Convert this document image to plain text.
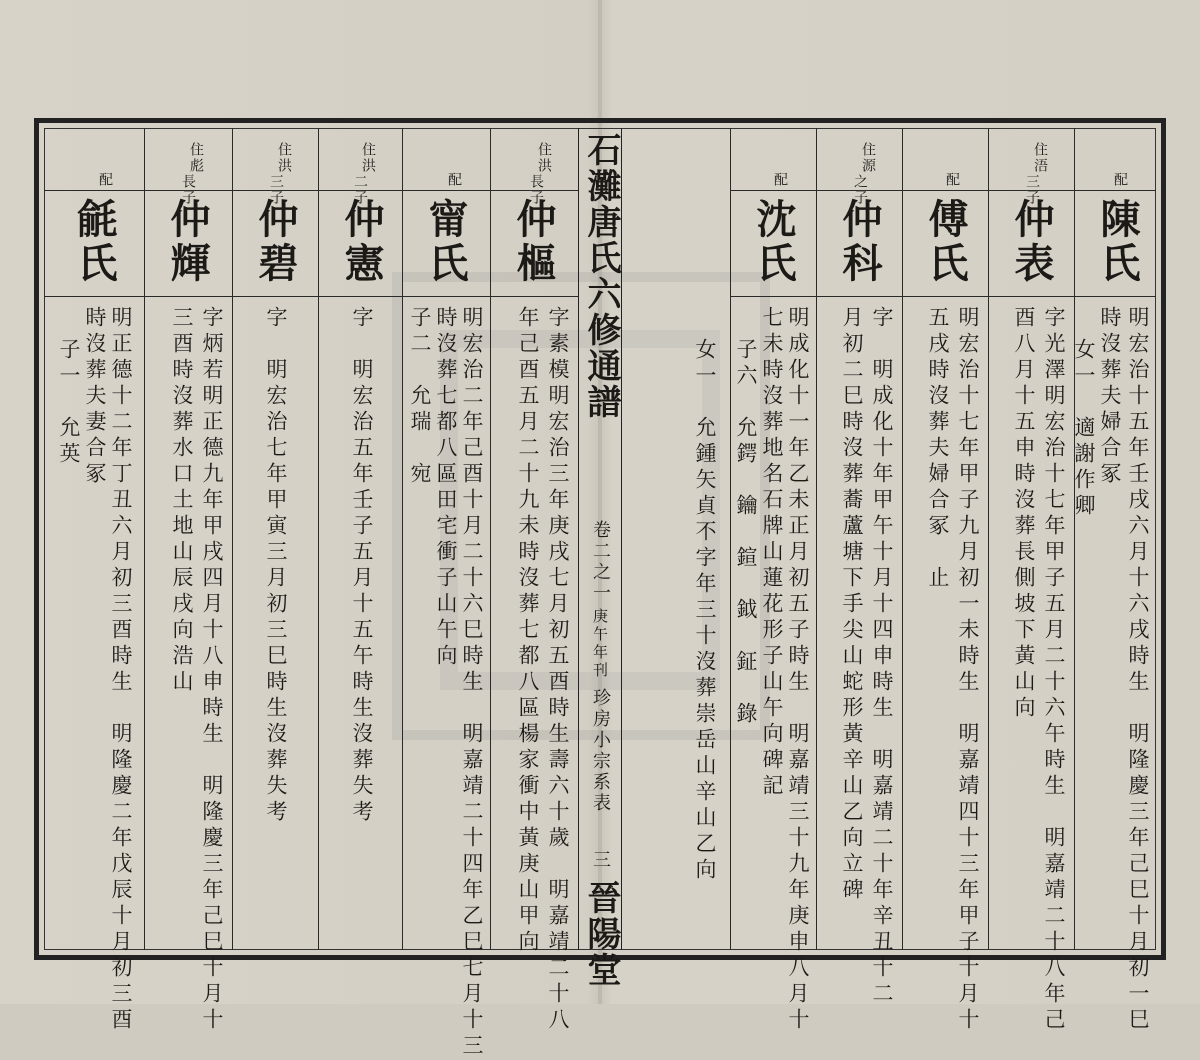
石灘唐氏六修通譜
卷二之一
庚午年刊
珍房小宗系表
三
晉陽堂
配
陳氏
明宏治十五年壬戌六月十六戌時生　明隆慶三年己巳十月初一巳
時沒葬夫婦合冢
女一　適謝作卿
住浯
三子
仲表
字光澤明宏治十七年甲子五月二十六午時生　明嘉靖二十八年己
酉八月十五申時沒葬長側坡下黃山向
配
傅氏
明宏治十七年甲子九月初一未時生　明嘉靖四十三年甲子十月十
五戌時沒葬夫婦合冢　止
住源
之子
仲科
字　明成化十年甲午十月十四申時生　明嘉靖二十年辛丑十二
月初二巳時沒葬蕎蘆塘下手尖山蛇形黃辛山乙向立碑
配
沈氏
明成化十一年乙未正月初五子時生　明嘉靖三十九年庚申八月十
七未時沒葬地名石牌山蓮花形子山午向碑記
子六　允鍔　鑰　鍹　鉞　鉦　錄
女一　允鍾矢貞不字年三十沒葬崇岳山辛山乙向
住洪
長子
仲樞
字素模明宏治三年庚戌七月初五酉時生壽六十歲　明嘉靖二十八
年己酉五月二十九未時沒葬七都八區楊家衝中黃庚山甲向
配
甯氏
明宏治二年己酉十月二十六巳時生　明嘉靖二十四年乙巳七月十三
時沒葬七都八區田宅衝子山午向
子二　允瑞　宛
住洪
二子
仲憲
字　明宏治五年壬子五月十五午時生沒葬失考
住洪
三子
仲碧
字　明宏治七年甲寅三月初三巳時生沒葬失考
住彪
長子
仲輝
字炳若明正德九年甲戌四月十八申時生　明隆慶三年己巳十月十
三酉時沒葬水口土地山辰戌向浩山
配
毹氏
明正德十二年丁丑六月初三酉時生　明隆慶二年戊辰十月初三酉
時沒葬夫妻合冢
子一　允英
